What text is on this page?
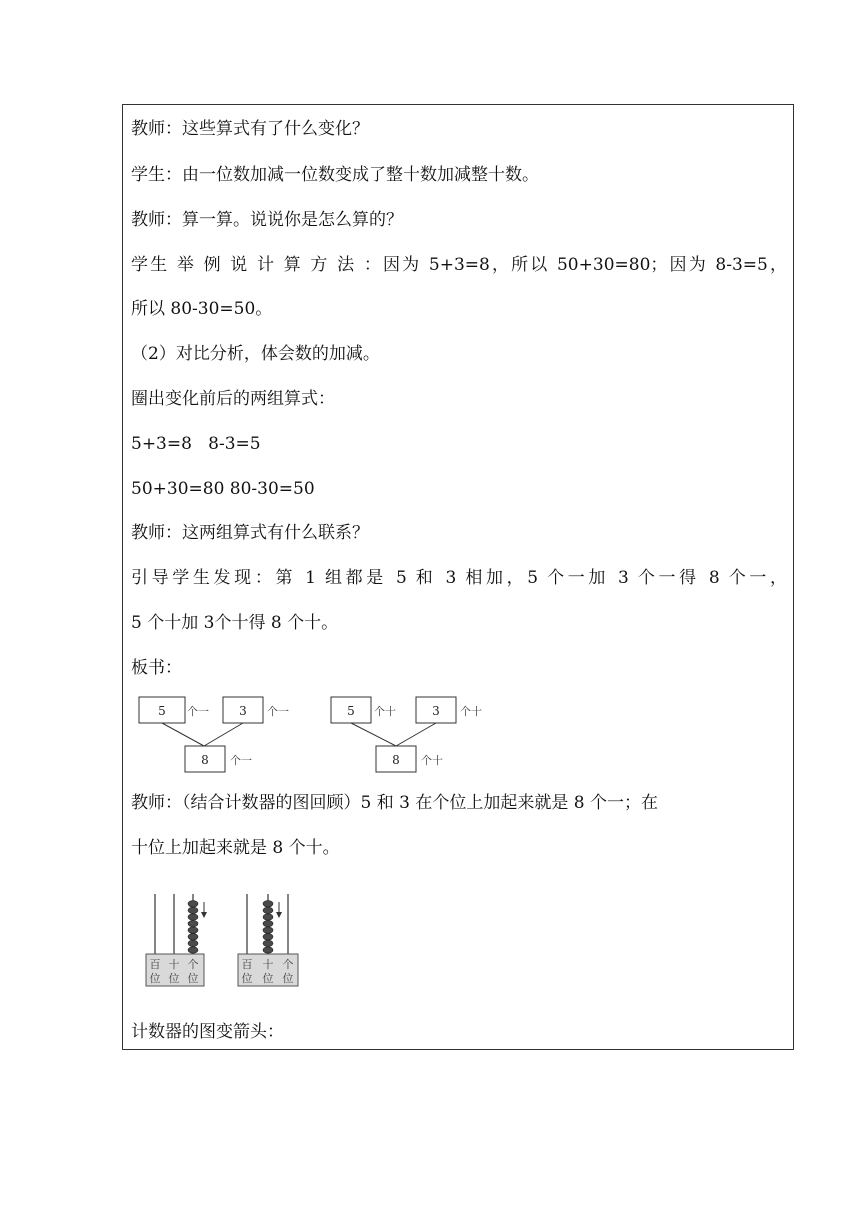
教师：这些算式有了什么变化？
学生：由一位数加减一位数变成了整十数加减整十数。
教师：算一算。说说你是怎么算的？
学生 举 例 说 计 算 方 法 ：因为 5+3=8，所以 50+30=80；因为 8-3=5，
所以 80-30=50。
（2）对比分析，体会数的加减。
圈出变化前后的两组算式：
5+3=8   8-3=5
50+30=80 80-30=50
教师：这两组算式有什么联系？
引导学生发现：第 1 组都是 5 和 3 相加，5 个一加 3 个一得 8 个一，
5 个十加 3个十得 8 个十。
板书：
5 个一	3 个一
8 个一
5 个十	3 个十
8 个十
教师：（结合计数器的图回顾）5 和 3 在个位上加起来就是 8 个一；在
十位上加起来就是 8 个十。
百 十 个
位 位 位
百 十 个
位 位 位
计数器的图变箭头：
